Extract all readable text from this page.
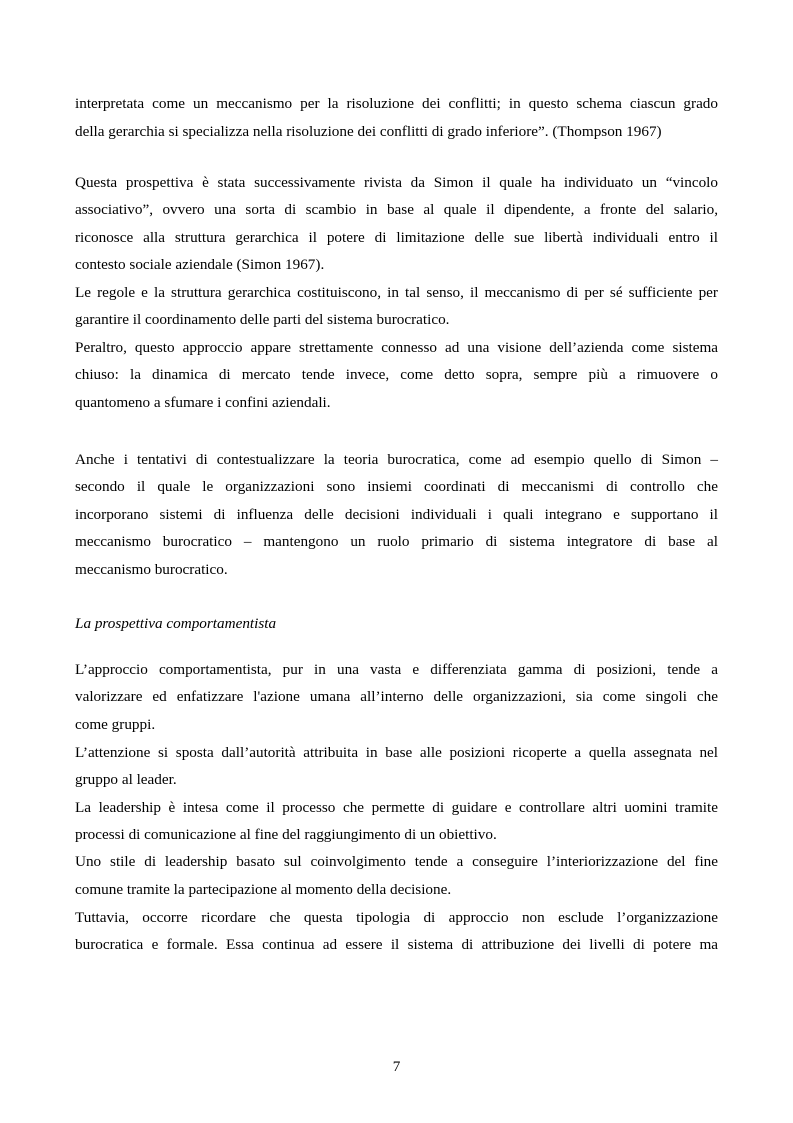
interpretata come un meccanismo per la risoluzione dei conflitti; in questo schema ciascun grado
della gerarchia si specializza nella risoluzione dei conflitti di grado inferiore”. (Thompson 1967)
Questa prospettiva è stata successivamente rivista da Simon il quale ha individuato un “vincolo
associativo”, ovvero una sorta di scambio in base al quale il dipendente, a fronte del salario,
riconosce alla struttura gerarchica il potere di limitazione delle sue libertà individuali entro il
contesto sociale aziendale (Simon 1967).
Le regole e la struttura gerarchica costituiscono, in tal senso, il meccanismo di per sé sufficiente per
garantire il coordinamento delle parti del sistema burocratico.
Peraltro, questo approccio appare strettamente connesso ad una visione dell’azienda come sistema
chiuso: la dinamica di mercato tende invece, come detto sopra, sempre più a rimuovere o
quantomeno a sfumare i confini aziendali.
Anche i tentativi di contestualizzare la teoria burocratica, come ad esempio quello di Simon –
secondo il quale le organizzazioni sono insiemi coordinati di meccanismi di controllo che
incorporano sistemi di influenza delle decisioni individuali i quali integrano e supportano il
meccanismo burocratico – mantengono un ruolo primario di sistema integratore di base al
meccanismo burocratico.
La prospettiva comportamentista
L’approccio comportamentista, pur in una vasta e differenziata gamma di posizioni, tende a
valorizzare ed enfatizzare l'azione umana all’interno delle organizzazioni, sia come singoli che
come gruppi.
L’attenzione si sposta dall’autorità attribuita in base alle posizioni ricoperte a quella assegnata nel
gruppo al leader.
La leadership è intesa come il processo che permette di guidare e controllare altri uomini tramite
processi di comunicazione al fine del raggiungimento di un obiettivo.
Uno stile di leadership basato sul coinvolgimento tende a conseguire l’interiorizzazione del fine
comune tramite la partecipazione al momento della decisione.
Tuttavia, occorre ricordare che questa tipologia di approccio non esclude l’organizzazione
burocratica e formale. Essa continua ad essere il sistema di attribuzione dei livelli di potere ma
7
